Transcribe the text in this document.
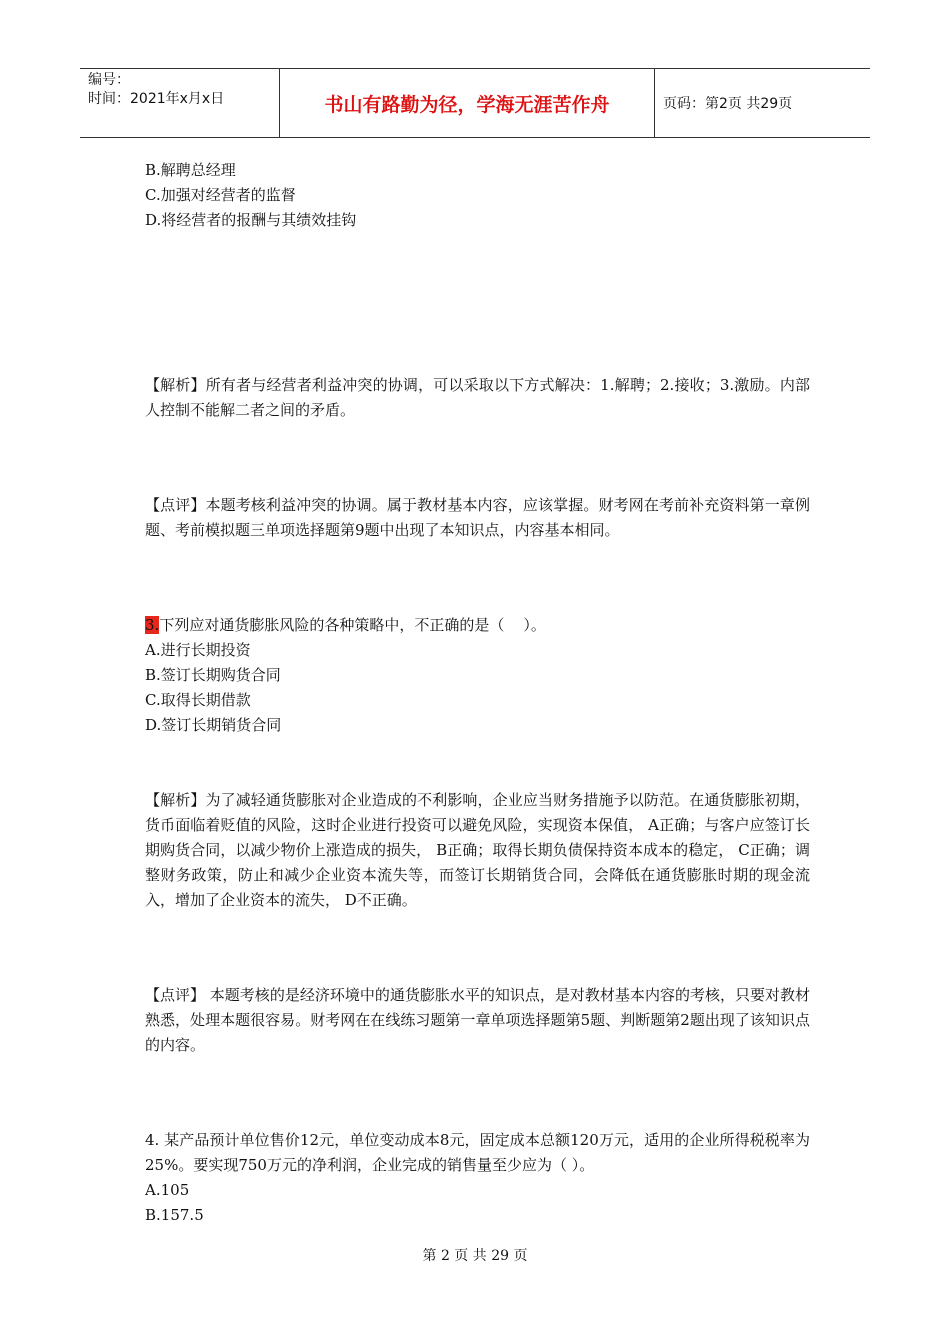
编号：
时间：2021年x月x日	书山有路勤为径，学海无涯苦作舟	页码：第2页 共29页
B.解聘总经理
C.加强对经营者的监督
D.将经营者的报酬与其绩效挂钩
【解析】所有者与经营者利益冲突的协调，可以采取以下方式解决：1.解聘；2.接收；3.激励。内部人控制不能解二者之间的矛盾。
【点评】本题考核利益冲突的协调。属于教材基本内容，应该掌握。财考网在考前补充资料第一章例题、考前模拟题三单项选择题第9题中出现了本知识点，内容基本相同。
3.下列应对通货膨胀风险的各种策略中，不正确的是（    ）。
A.进行长期投资
B.签订长期购货合同
C.取得长期借款
D.签订长期销货合同
【解析】为了减轻通货膨胀对企业造成的不利影响，企业应当财务措施予以防范。在通货膨胀初期，货币面临着贬值的风险，这时企业进行投资可以避免风险，实现资本保值， A正确；与客户应签订长期购货合同，以减少物价上涨造成的损失， B正确；取得长期负债保持资本成本的稳定， C正确；调整财务政策，防止和减少企业资本流失等，而签订长期销货合同，会降低在通货膨胀时期的现金流入，增加了企业资本的流失， D不正确。
【点评】 本题考核的是经济环境中的通货膨胀水平的知识点，是对教材基本内容的考核，只要对教材熟悉，处理本题很容易。财考网在在线练习题第一章单项选择题第5题、判断题第2题出现了该知识点的内容。
4. 某产品预计单位售价12元，单位变动成本8元，固定成本总额120万元，适用的企业所得税税率为25%。要实现750万元的净利润，企业完成的销售量至少应为（ ）。
A.105
B.157.5
第 2 页 共 29 页
